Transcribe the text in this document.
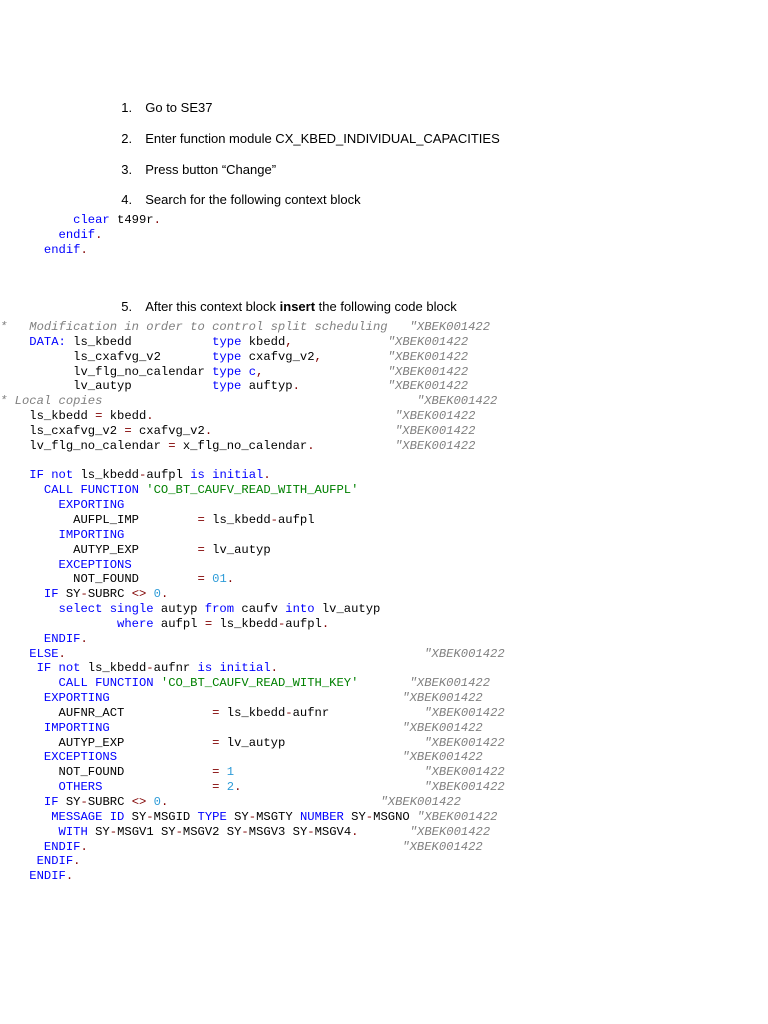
1. Go to SE37

2. Enter function module CX_KBED_INDIVIDUAL_CAPACITIES

3. Press button “Change”

4. Search for the following context block

clear t499r.
endif.
endif.

5. After this context block insert the following code block

*   Modification in order to control split scheduling   "XBEK001422
DATA: ls_kbedd           type kbedd,	"XBEK001422
ls_cxafvg_v2       type cxafvg_v2,	"XBEK001422
lv_flg_no_calendar type c,	"XBEK001422
lv_autyp           type auftyp.	"XBEK001422
* Local copies                                           "XBEK001422
ls_kbedd = kbedd.	"XBEK001422
ls_cxafvg_v2 = cxafvg_v2.	"XBEK001422
lv_flg_no_calendar = x_flg_no_calendar.	"XBEK001422
IF not ls_kbedd-aufpl is initial.
CALL FUNCTION 'CO_BT_CAUFV_READ_WITH_AUFPL'
EXPORTING
AUFPL_IMP        = ls_kbedd-aufpl
IMPORTING
AUTYP_EXP        = lv_autyp
EXCEPTIONS
NOT_FOUND        = 01.
IF SY-SUBRC <> 0.
select single autyp from caufv into lv_autyp
where aufpl = ls_kbedd-aufpl.
ENDIF.
ELSE.	"XBEK001422
IF not ls_kbedd-aufnr is initial.
CALL FUNCTION 'CO_BT_CAUFV_READ_WITH_KEY'	"XBEK001422
EXPORTING	"XBEK001422
AUFNR_ACT            = ls_kbedd-aufnr	"XBEK001422
IMPORTING	"XBEK001422
AUTYP_EXP            = lv_autyp	"XBEK001422
EXCEPTIONS	"XBEK001422
NOT_FOUND            = 1	"XBEK001422
OTHERS	= 2.	"XBEK001422
IF SY-SUBRC <> 0.	"XBEK001422
MESSAGE ID SY-MSGID TYPE SY-MSGTY NUMBER SY-MSGNO "XBEK001422
WITH SY-MSGV1 SY-MSGV2 SY-MSGV3 SY-MSGV4.	"XBEK001422
ENDIF.	"XBEK001422
ENDIF.
ENDIF.
